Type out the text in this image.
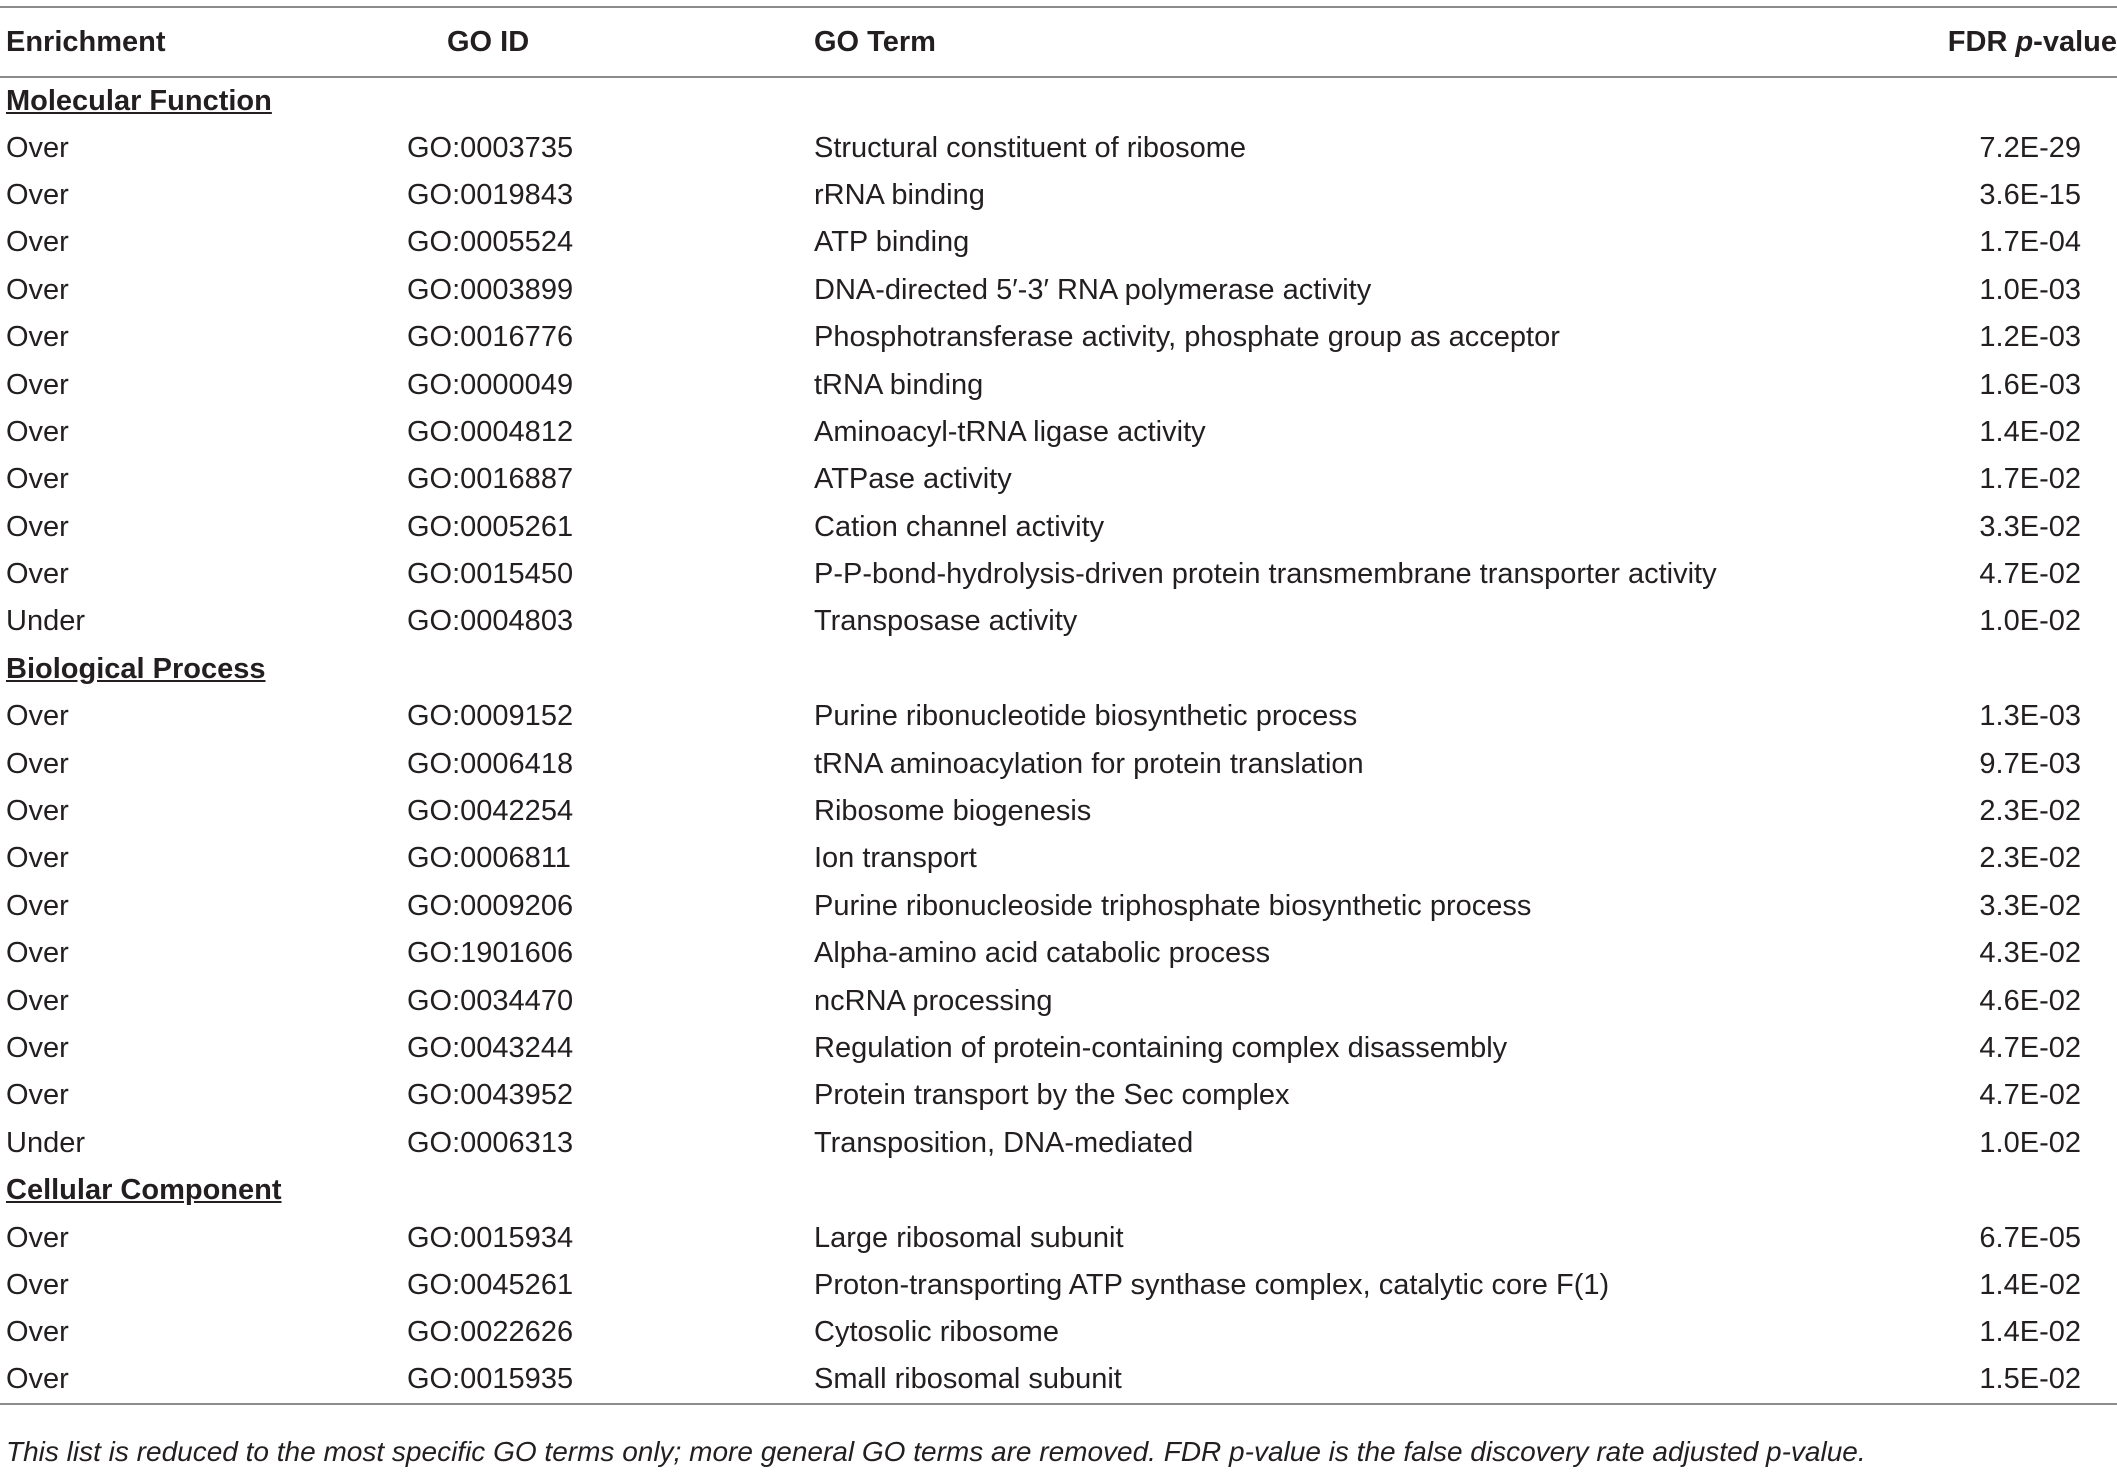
Enrichment	GO ID	GO Term	FDR p-value
Molecular Function			
Over	GO:0003735	Structural constituent of ribosome	7.2E-29
Over	GO:0019843	rRNA binding	3.6E-15
Over	GO:0005524	ATP binding	1.7E-04
Over	GO:0003899	DNA-directed 5′-3′ RNA polymerase activity	1.0E-03
Over	GO:0016776	Phosphotransferase activity, phosphate group as acceptor	1.2E-03
Over	GO:0000049	tRNA binding	1.6E-03
Over	GO:0004812	Aminoacyl-tRNA ligase activity	1.4E-02
Over	GO:0016887	ATPase activity	1.7E-02
Over	GO:0005261	Cation channel activity	3.3E-02
Over	GO:0015450	P-P-bond-hydrolysis-driven protein transmembrane transporter activity	4.7E-02
Under	GO:0004803	Transposase activity	1.0E-02
Biological Process			
Over	GO:0009152	Purine ribonucleotide biosynthetic process	1.3E-03
Over	GO:0006418	tRNA aminoacylation for protein translation	9.7E-03
Over	GO:0042254	Ribosome biogenesis	2.3E-02
Over	GO:0006811	Ion transport	2.3E-02
Over	GO:0009206	Purine ribonucleoside triphosphate biosynthetic process	3.3E-02
Over	GO:1901606	Alpha-amino acid catabolic process	4.3E-02
Over	GO:0034470	ncRNA processing	4.6E-02
Over	GO:0043244	Regulation of protein-containing complex disassembly	4.7E-02
Over	GO:0043952	Protein transport by the Sec complex	4.7E-02
Under	GO:0006313	Transposition, DNA-mediated	1.0E-02
Cellular Component			
Over	GO:0015934	Large ribosomal subunit	6.7E-05
Over	GO:0045261	Proton-transporting ATP synthase complex, catalytic core F(1)	1.4E-02
Over	GO:0022626	Cytosolic ribosome	1.4E-02
Over	GO:0015935	Small ribosomal subunit	1.5E-02
This list is reduced to the most specific GO terms only; more general GO terms are removed. FDR p-value is the false discovery rate adjusted p-value.
